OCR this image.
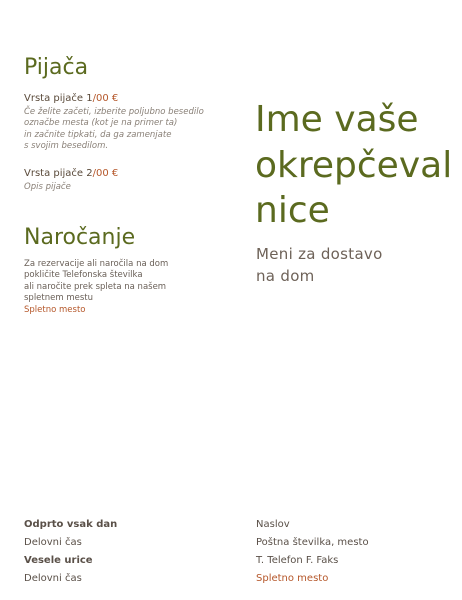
Pijača
Vrsta pijače 1/00 €
Če želite začeti, izberite poljubno besedilo
označbe mesta (kot je na primer ta)
in začnite tipkati, da ga zamenjate
s svojim besedilom.
Vrsta pijače 2/00 €
Opis pijače
Naročanje
Za rezervacije ali naročila na dom
pokličite Telefonska številka
ali naročite prek spleta na našem
spletnem mestu
Spletno mesto
Ime vaše
okrepčeval
nice
Meni za dostavo
na dom
Odprto vsak dan
Delovni čas
Vesele urice
Delovni čas
Naslov
Poštna številka, mesto
T. Telefon F. Faks
Spletno mesto
